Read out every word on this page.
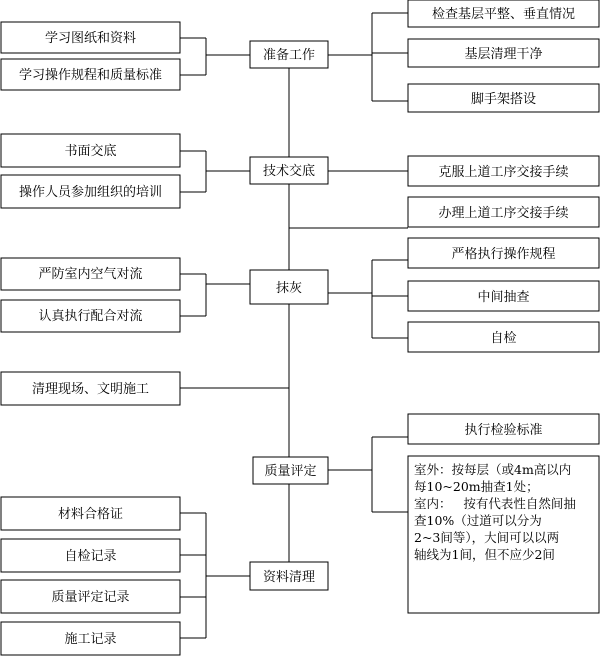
准备工作
技术交底
抹灰
质量评定
资料清理
学习图纸和资料
学习操作规程和质量标准
书面交底
操作人员参加组织的培训
严防室内空气对流
认真执行配合对流
清理现场、文明施工
材料合格证
自检记录
质量评定记录
施工记录
检查基层平整、垂直情况
基层清理干净
脚手架搭设
克服上道工序交接手续
办理上道工序交接手续
严格执行操作规程
中间抽查
自检
执行检验标准
室外：按每层（或4m高以内
每10~20m抽查1处；
室内：   按有代表性自然间抽
查10%（过道可以分为
2~3间等），大间可以以两
轴线为1间，但不应少2间
